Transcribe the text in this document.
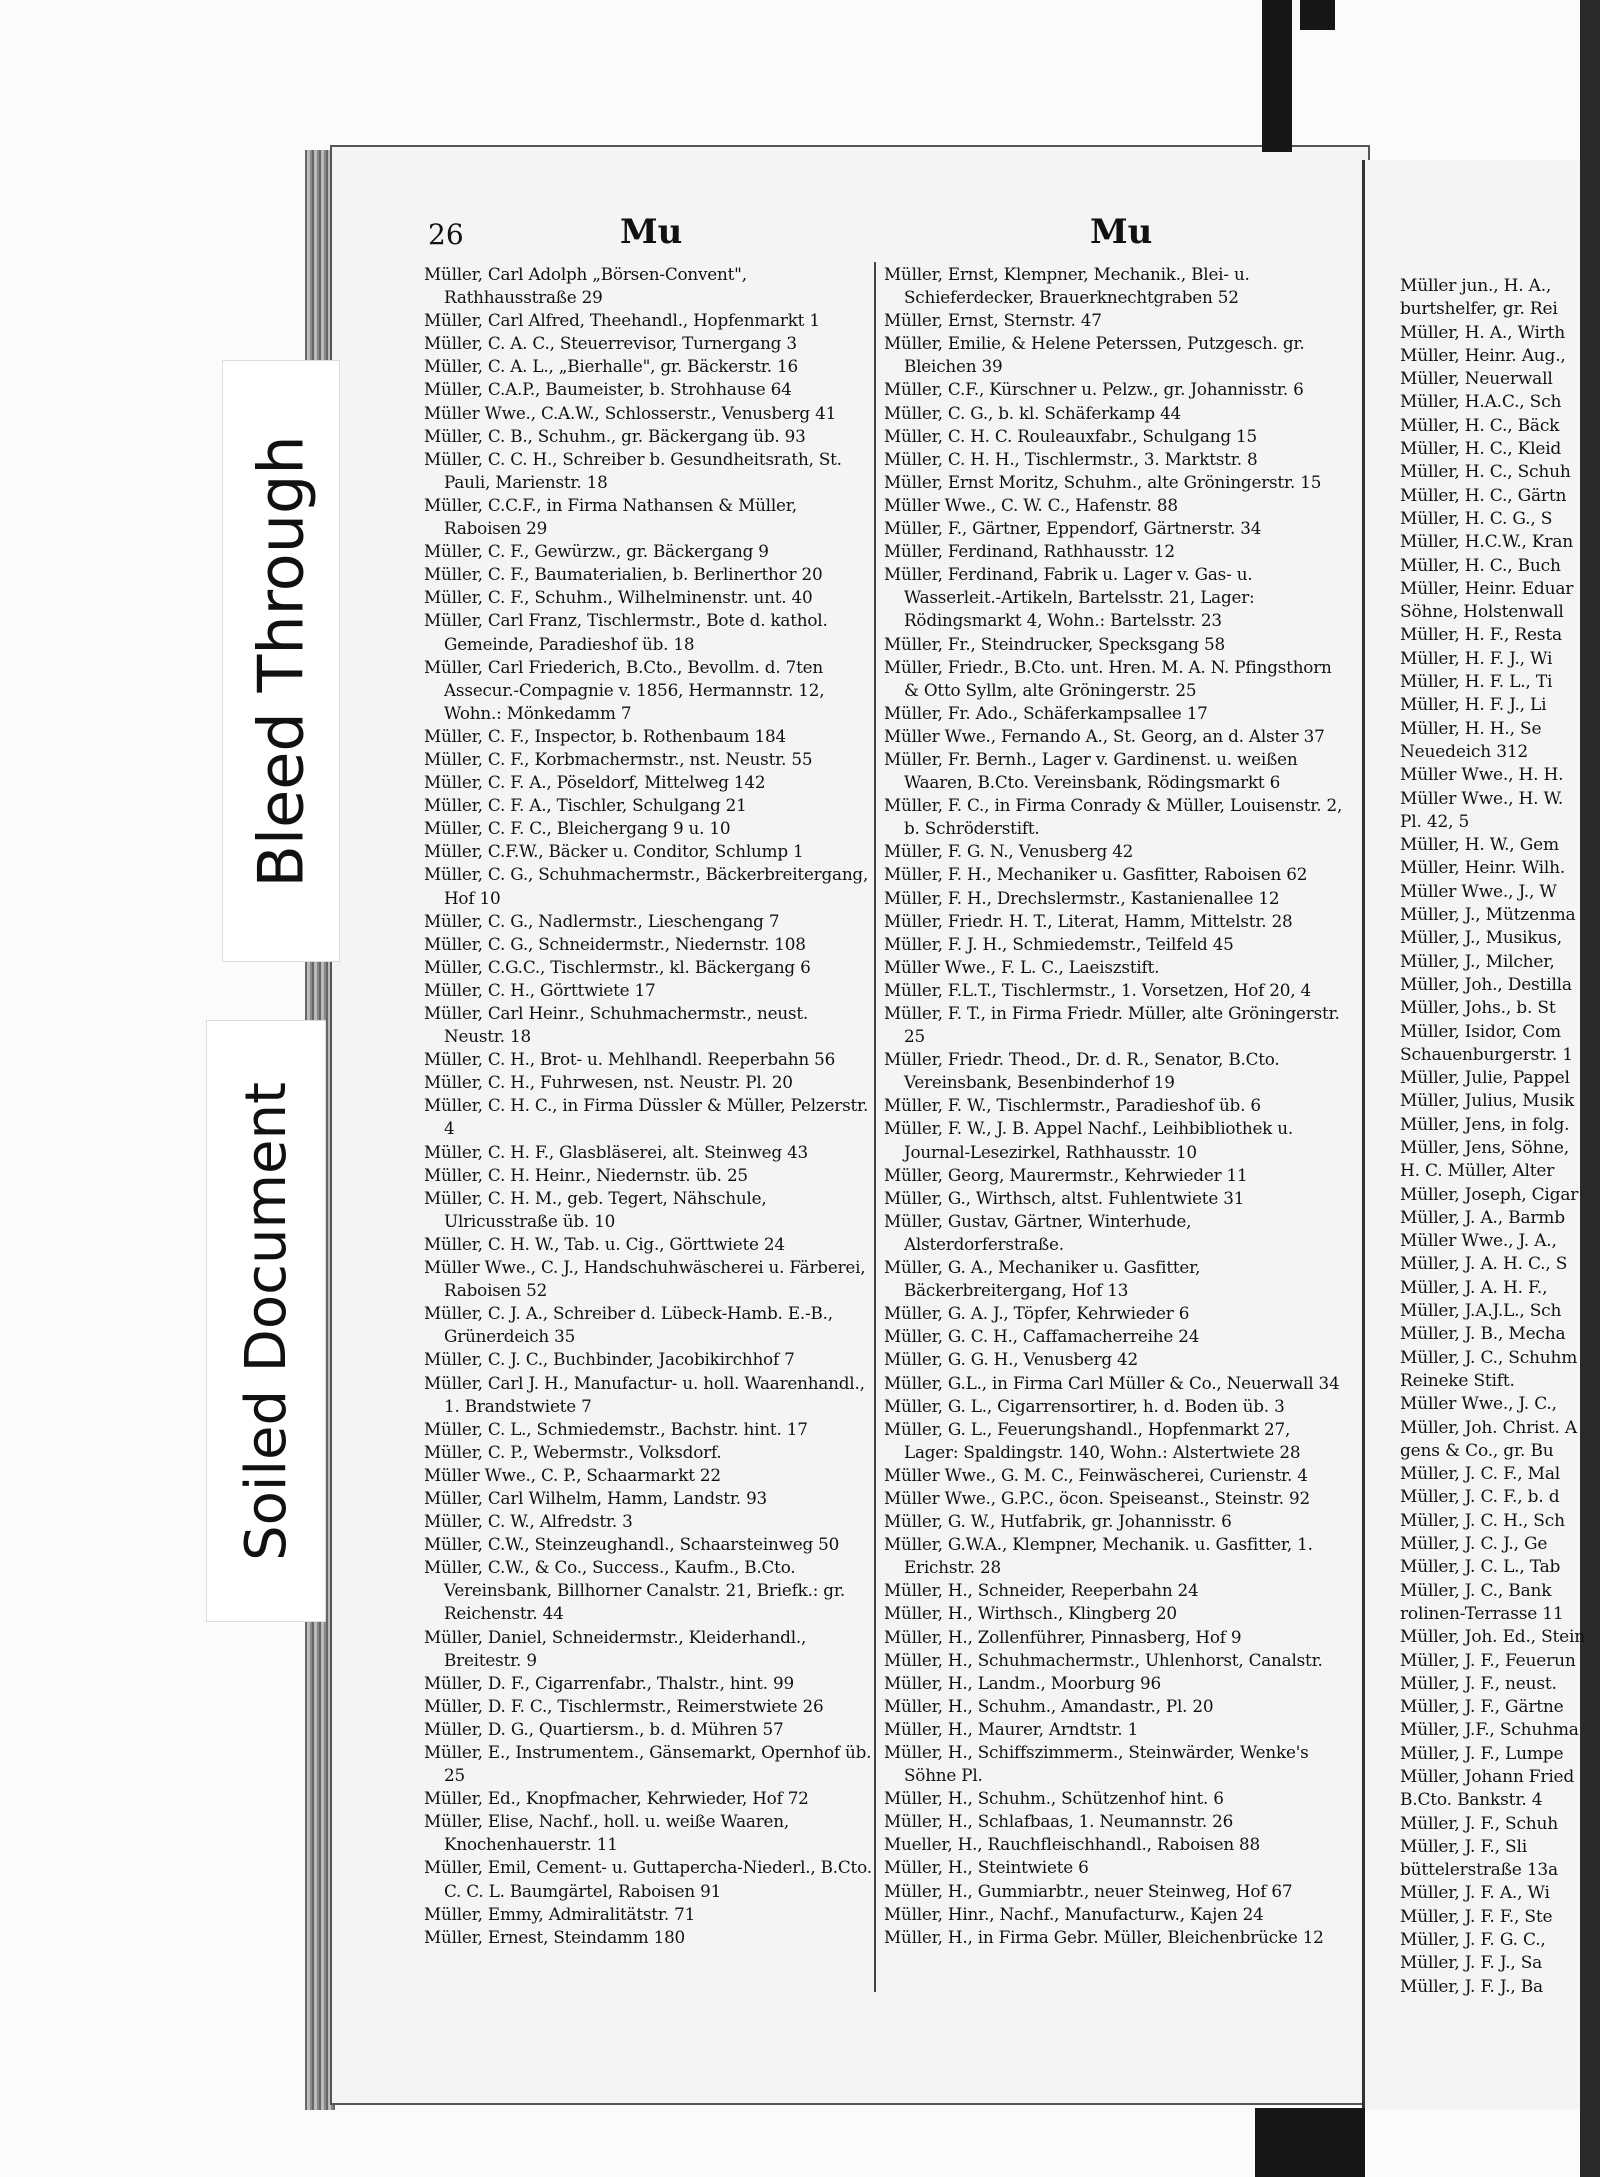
Bleed Through
Soiled Document
26	Mu	Mu

Müller, Carl Adolph „Börsen-Convent", Rathhausstraße 29

Müller, Carl Alfred, Theehandl., Hopfenmarkt 1

Müller, C. A. C., Steuerrevisor, Turnergang 3

Müller, C. A. L., „Bierhalle", gr. Bäckerstr. 16

Müller, C.A.P., Baumeister, b. Strohhause 64

Müller Wwe., C.A.W., Schlosserstr., Venusberg 41

Müller, C. B., Schuhm., gr. Bäckergang üb. 93

Müller, C. C. H., Schreiber b. Gesundheitsrath, St. Pauli, Marienstr. 18

Müller, C.C.F., in Firma Nathansen & Müller, Raboisen 29

Müller, C. F., Gewürzw., gr. Bäckergang 9

Müller, C. F., Baumaterialien, b. Berlinerthor 20

Müller, C. F., Schuhm., Wilhelminenstr. unt. 40

Müller, Carl Franz, Tischlermstr., Bote d. kathol. Gemeinde, Paradieshof üb. 18

Müller, Carl Friederich, B.Cto., Bevollm. d. 7ten Assecur.-Compagnie v. 1856, Hermannstr. 12, Wohn.: Mönkedamm 7

Müller, C. F., Inspector, b. Rothenbaum 184

Müller, C. F., Korbmachermstr., nst. Neustr. 55

Müller, C. F. A., Pöseldorf, Mittelweg 142

Müller, C. F. A., Tischler, Schulgang 21

Müller, C. F. C., Bleichergang 9 u. 10

Müller, C.F.W., Bäcker u. Conditor, Schlump 1

Müller, C. G., Schuhmachermstr., Bäckerbreitergang, Hof 10

Müller, C. G., Nadlermstr., Lieschengang 7

Müller, C. G., Schneidermstr., Niedernstr. 108

Müller, C.G.C., Tischlermstr., kl. Bäckergang 6

Müller, C. H., Görttwiete 17

Müller, Carl Heinr., Schuhmachermstr., neust. Neustr. 18

Müller, C. H., Brot- u. Mehlhandl. Reeperbahn 56

Müller, C. H., Fuhrwesen, nst. Neustr. Pl. 20

Müller, C. H. C., in Firma Düssler & Müller, Pelzerstr. 4

Müller, C. H. F., Glasbläserei, alt. Steinweg 43

Müller, C. H. Heinr., Niedernstr. üb. 25

Müller, C. H. M., geb. Tegert, Nähschule, Ulricusstraße üb. 10

Müller, C. H. W., Tab. u. Cig., Görttwiete 24

Müller Wwe., C. J., Handschuhwäscherei u. Färberei, Raboisen 52

Müller, C. J. A., Schreiber d. Lübeck-Hamb. E.-B., Grünerdeich 35

Müller, C. J. C., Buchbinder, Jacobikirchhof 7

Müller, Carl J. H., Manufactur- u. holl. Waarenhandl., 1. Brandstwiete 7

Müller, C. L., Schmiedemstr., Bachstr. hint. 17

Müller, C. P., Webermstr., Volksdorf.

Müller Wwe., C. P., Schaarmarkt 22

Müller, Carl Wilhelm, Hamm, Landstr. 93

Müller, C. W., Alfredstr. 3

Müller, C.W., Steinzeughandl., Schaarsteinweg 50

Müller, C.W., & Co., Success., Kaufm., B.Cto. Vereinsbank, Billhorner Canalstr. 21, Briefk.: gr. Reichenstr. 44

Müller, Daniel, Schneidermstr., Kleiderhandl., Breitestr. 9

Müller, D. F., Cigarrenfabr., Thalstr., hint. 99

Müller, D. F. C., Tischlermstr., Reimerstwiete 26

Müller, D. G., Quartiersm., b. d. Mühren 57

Müller, E., Instrumentem., Gänsemarkt, Opernhof üb. 25

Müller, Ed., Knopfmacher, Kehrwieder, Hof 72

Müller, Elise, Nachf., holl. u. weiße Waaren, Knochenhauerstr. 11

Müller, Emil, Cement- u. Guttapercha-Niederl., B.Cto. C. C. L. Baumgärtel, Raboisen 91

Müller, Emmy, Admiralitätstr. 71

Müller, Ernest, Steindamm 180

Müller, Ernst, Klempner, Mechanik., Blei- u. Schieferdecker, Brauerknechtgraben 52

Müller, Ernst, Sternstr. 47

Müller, Emilie, & Helene Peterssen, Putzgesch. gr. Bleichen 39

Müller, C.F., Kürschner u. Pelzw., gr. Johannisstr. 6

Müller, C. G., b. kl. Schäferkamp 44

Müller, C. H. C. Rouleauxfabr., Schulgang 15

Müller, C. H. H., Tischlermstr., 3. Marktstr. 8

Müller, Ernst Moritz, Schuhm., alte Gröningerstr. 15

Müller Wwe., C. W. C., Hafenstr. 88

Müller, F., Gärtner, Eppendorf, Gärtnerstr. 34

Müller, Ferdinand, Rathhausstr. 12

Müller, Ferdinand, Fabrik u. Lager v. Gas- u. Wasserleit.-Artikeln, Bartelsstr. 21, Lager: Rödingsmarkt 4, Wohn.: Bartelsstr. 23

Müller, Fr., Steindrucker, Specksgang 58

Müller, Friedr., B.Cto. unt. Hren. M. A. N. Pfingsthorn & Otto Syllm, alte Gröningerstr. 25

Müller, Fr. Ado., Schäferkampsallee 17

Müller Wwe., Fernando A., St. Georg, an d. Alster 37

Müller, Fr. Bernh., Lager v. Gardinenst. u. weißen Waaren, B.Cto. Vereinsbank, Rödingsmarkt 6

Müller, F. C., in Firma Conrady & Müller, Louisenstr. 2, b. Schröderstift.

Müller, F. G. N., Venusberg 42

Müller, F. H., Mechaniker u. Gasfitter, Raboisen 62

Müller, F. H., Drechslermstr., Kastanienallee 12

Müller, Friedr. H. T., Literat, Hamm, Mittelstr. 28

Müller, F. J. H., Schmiedemstr., Teilfeld 45

Müller Wwe., F. L. C., Laeiszstift.

Müller, F.L.T., Tischlermstr., 1. Vorsetzen, Hof 20, 4

Müller, F. T., in Firma Friedr. Müller, alte Gröningerstr. 25

Müller, Friedr. Theod., Dr. d. R., Senator, B.Cto. Vereinsbank, Besenbinderhof 19

Müller, F. W., Tischlermstr., Paradieshof üb. 6

Müller, F. W., J. B. Appel Nachf., Leihbibliothek u. Journal-Lesezirkel, Rathhausstr. 10

Müller, Georg, Maurermstr., Kehrwieder 11

Müller, G., Wirthsch, altst. Fuhlentwiete 31

Müller, Gustav, Gärtner, Winterhude, Alsterdorferstraße.

Müller, G. A., Mechaniker u. Gasfitter, Bäckerbreitergang, Hof 13

Müller, G. A. J., Töpfer, Kehrwieder 6

Müller, G. C. H., Caffamacherreihe 24

Müller, G. G. H., Venusberg 42

Müller, G.L., in Firma Carl Müller & Co., Neuerwall 34

Müller, G. L., Cigarrensortirer, h. d. Boden üb. 3

Müller, G. L., Feuerungshandl., Hopfenmarkt 27, Lager: Spaldingstr. 140, Wohn.: Alstertwiete 28

Müller Wwe., G. M. C., Feinwäscherei, Curienstr. 4

Müller Wwe., G.P.C., öcon. Speiseanst., Steinstr. 92

Müller, G. W., Hutfabrik, gr. Johannisstr. 6

Müller, G.W.A., Klempner, Mechanik. u. Gasfitter, 1. Erichstr. 28

Müller, H., Schneider, Reeperbahn 24

Müller, H., Wirthsch., Klingberg 20

Müller, H., Zollenführer, Pinnasberg, Hof 9

Müller, H., Schuhmachermstr., Uhlenhorst, Canalstr.

Müller, H., Landm., Moorburg 96

Müller, H., Schuhm., Amandastr., Pl. 20

Müller, H., Maurer, Arndtstr. 1

Müller, H., Schiffszimmerm., Steinwärder, Wenke's Söhne Pl.

Müller, H., Schuhm., Schützenhof hint. 6

Müller, H., Schlafbaas, 1. Neumannstr. 26

Mueller, H., Rauchfleischhandl., Raboisen 88

Müller, H., Steintwiete 6

Müller, H., Gummiarbtr., neuer Steinweg, Hof 67

Müller, Hinr., Nachf., Manufacturw., Kajen 24

Müller, H., in Firma Gebr. Müller, Bleichenbrücke 12

Müller jun., H. A.,

burtshelfer, gr. Rei

Müller, H. A., Wirth

Müller, Heinr. Aug.,

Müller, Neuerwall

Müller, H.A.C., Sch

Müller, H. C., Bäck

Müller, H. C., Kleid

Müller, H. C., Schuh

Müller, H. C., Gärtn

Müller, H. C. G., S

Müller, H.C.W., Kran

Müller, H. C., Buch

Müller, Heinr. Eduar

Söhne, Holstenwall

Müller, H. F., Resta

Müller, H. F. J., Wi

Müller, H. F. L., Ti

Müller, H. F. J., Li

Müller, H. H., Se

Neuedeich 312

Müller Wwe., H. H.

Müller Wwe., H. W.

Pl. 42, 5

Müller, H. W., Gem

Müller, Heinr. Wilh.

Müller Wwe., J., W

Müller, J., Mützenma

Müller, J., Musikus,

Müller, J., Milcher,

Müller, Joh., Destilla

Müller, Johs., b. St

Müller, Isidor, Com

Schauenburgerstr. 1

Müller, Julie, Pappel

Müller, Julius, Musik

Müller, Jens, in folg.

Müller, Jens, Söhne,

H. C. Müller, Alter

Müller, Joseph, Cigar

Müller, J. A., Barmb

Müller Wwe., J. A.,

Müller, J. A. H. C., S

Müller, J. A. H. F.,

Müller, J.A.J.L., Sch

Müller, J. B., Mecha

Müller, J. C., Schuhm

Reineke Stift.

Müller Wwe., J. C.,

Müller, Joh. Christ. A

gens & Co., gr. Bu

Müller, J. C. F., Mal

Müller, J. C. F., b. d

Müller, J. C. H., Sch

Müller, J. C. J., Ge

Müller, J. C. L., Tab

Müller, J. C., Bank

rolinen-Terrasse 11

Müller, Joh. Ed., Stein

Müller, J. F., Feuerun

Müller, J. F., neust.

Müller, J. F., Gärtne

Müller, J.F., Schuhma

Müller, J. F., Lumpe

Müller, Johann Fried

B.Cto. Bankstr. 4

Müller, J. F., Schuh

Müller, J. F., Sli

büttelerstraße 13a

Müller, J. F. A., Wi

Müller, J. F. F., Ste

Müller, J. F. G. C.,

Müller, J. F. J., Sa

Müller, J. F. J., Ba
